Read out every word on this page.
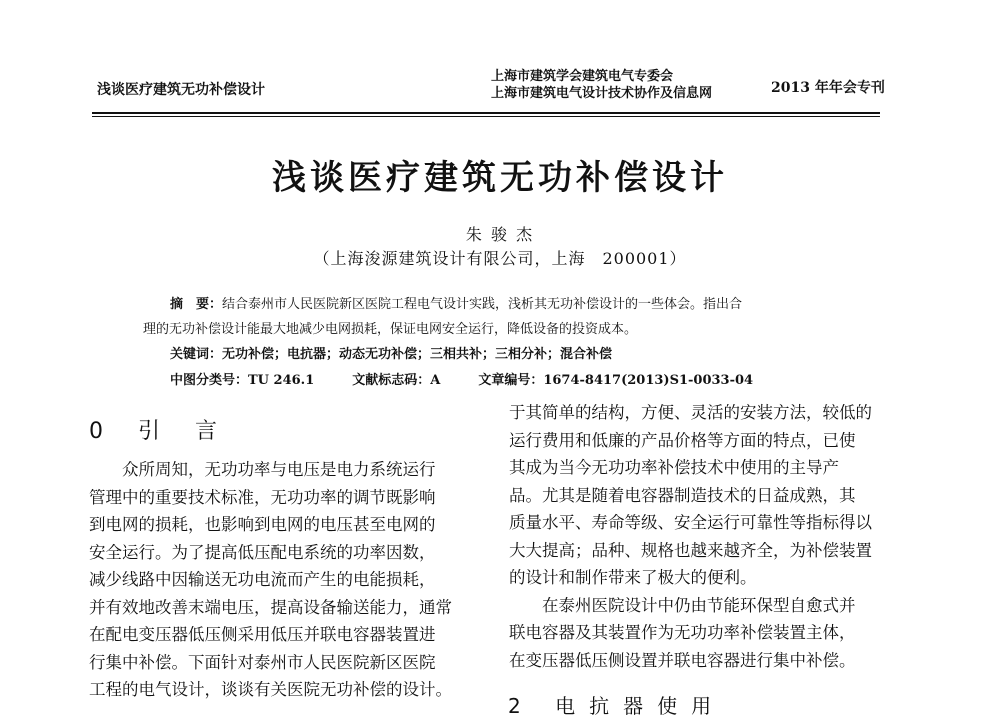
浅谈医疗建筑无功补偿设计
上海市建筑学会建筑电气专委会
上海市建筑电气设计技术协作及信息网	2013 年年会专刊
浅谈医疗建筑无功补偿设计
朱 骏 杰
（上海浚源建筑设计有限公司，上海　200001）
摘　要：结合泰州市人民医院新区医院工程电气设计实践，浅析其无功补偿设计的一些体会。指出合
理的无功补偿设计能最大地减少电网损耗，保证电网安全运行，降低设备的投资成本。
关键词：无功补偿；电抗器；动态无功补偿；三相共补；三相分补；混合补偿
中图分类号：TU 246.1	文献标志码：A	文章编号：1674-8417(2013)S1-0033-04
0 引 言
　　众所周知，无功功率与电压是电力系统运行
管理中的重要技术标准，无功功率的调节既影响
到电网的损耗，也影响到电网的电压甚至电网的
安全运行。为了提高低压配电系统的功率因数，
减少线路中因输送无功电流而产生的电能损耗，
并有效地改善末端电压，提高设备输送能力，通常
在配电变压器低压侧采用低压并联电容器装置进
行集中补偿。下面针对泰州市人民医院新区医院
工程的电气设计，谈谈有关医院无功补偿的设计。
于其简单的结构，方便、灵活的安装方法，较低的
运行费用和低廉的产品价格等方面的特点，已使
其成为当今无功功率补偿技术中使用的主导产
品。尤其是随着电容器制造技术的日益成熟，其
质量水平、寿命等级、安全运行可靠性等指标得以
大大提高；品种、规格也越来越齐全，为补偿装置
的设计和制作带来了极大的便利。
　　在泰州医院设计中仍由节能环保型自愈式并
联电容器及其装置作为无功功率补偿装置主体，
在变压器低压侧设置并联电容器进行集中补偿。
2 电抗器使用
